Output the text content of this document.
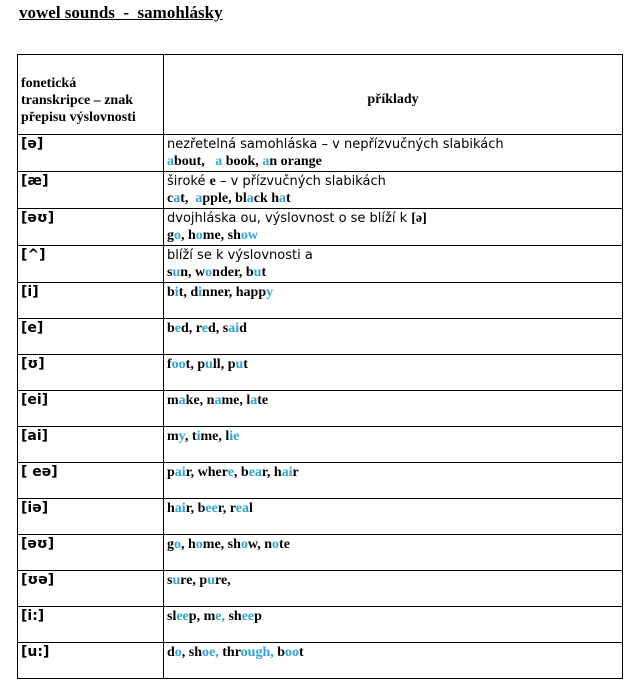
vowel sounds  -  samohlásky
fonetická
transkripce – znak
přepisu výslovnosti	příklady
[ə]	nezřetelná samohláska – v nepřízvučných slabikách
about,   a book, an orange

[æ]	široké e – v přízvučných slabikách
cat,  apple, black hat

[əʊ]	dvojhláska ou, výslovnost o se blíží k [ə]
go, home, show

[^]	blíží se k výslovnosti a
sun, wonder, but

[i]	bit, dinner, happy

[e]	bed, red, said

[ʊ]	foot, pull, put

[ei]	make, name, late

[ai]	my, time, lie

[ eə]	pair, where, bear, hair

[iə]	hair, beer, real

[əʊ]	go, home, show, note

[ʊə]	sure, pure,

[i:]	sleep, me, sheep

[u:]	do, shoe, through, boot
